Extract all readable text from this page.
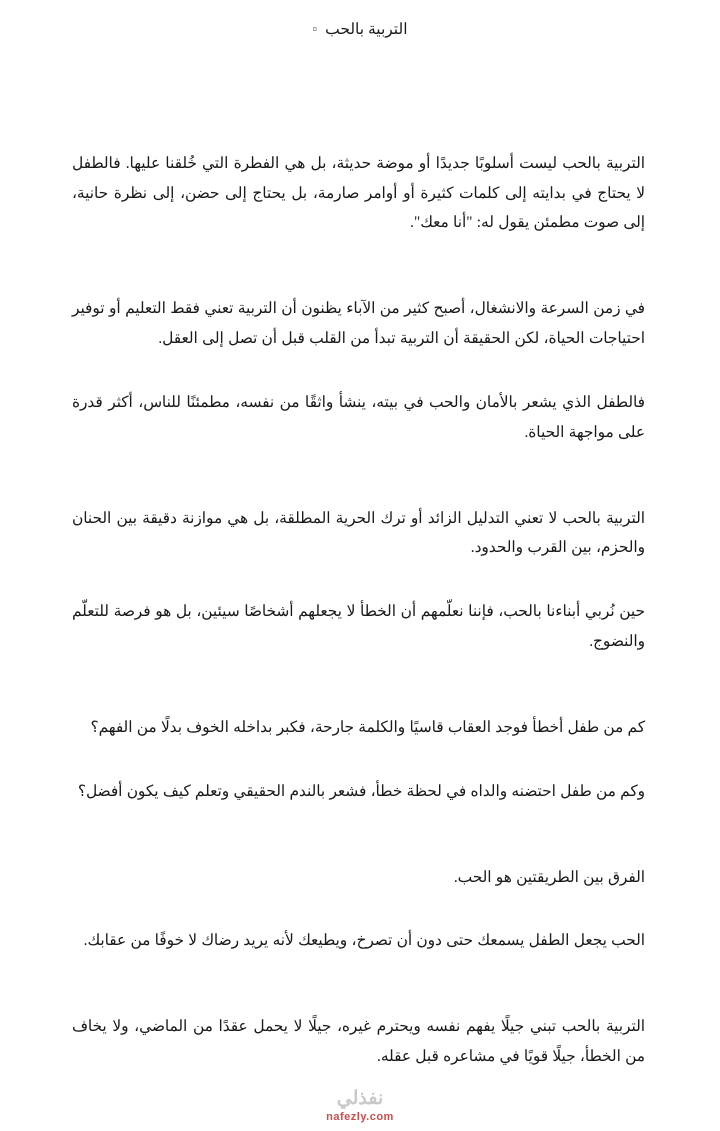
التربية بالحب▫

التربية بالحب ليست أسلوبًا جديدًا أو موضة حديثة، بل هي الفطرة التي خُلقنا عليها. فالطفل لا يحتاج في بدايته إلى كلمات كثيرة أو أوامر صارمة، بل يحتاج إلى حضن، إلى نظرة حانية، إلى صوت مطمئن يقول له: "أنا معك".

في زمن السرعة والانشغال، أصبح كثير من الآباء يظنون أن التربية تعني فقط التعليم أو توفير احتياجات الحياة، لكن الحقيقة أن التربية تبدأ من القلب قبل أن تصل إلى العقل.

فالطفل الذي يشعر بالأمان والحب في بيته، ينشأ واثقًا من نفسه، مطمئنًا للناس، أكثر قدرة على مواجهة الحياة.

التربية بالحب لا تعني التدليل الزائد أو ترك الحرية المطلقة، بل هي موازنة دقيقة بين الحنان والحزم، بين القرب والحدود.

حين نُربي أبناءنا بالحب، فإننا نعلّمهم أن الخطأ لا يجعلهم أشخاصًا سيئين، بل هو فرصة للتعلّم والنضوج.

كم من طفل أخطأ فوجد العقاب قاسيًا والكلمة جارحة، فكبر بداخله الخوف بدلًا من الفهم؟

وكم من طفل احتضنه والداه في لحظة خطأ، فشعر بالندم الحقيقي وتعلم كيف يكون أفضل؟

الفرق بين الطريقتين هو الحب.

الحب يجعل الطفل يسمعك حتى دون أن تصرخ، ويطيعك لأنه يريد رضاك لا خوفًا من عقابك.

التربية بالحب تبني جيلًا يفهم نفسه ويحترم غيره، جيلًا لا يحمل عقدًا من الماضي، ولا يخاف من الخطأ، جيلًا قويًا في مشاعره قبل عقله.

نفذلي
nafezly.com
